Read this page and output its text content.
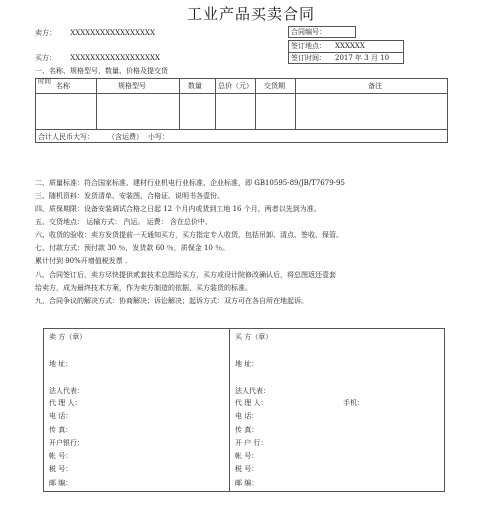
工业产品买卖合同
卖方： XXXXXXXXXXXXXXXXX
买方： XXXXXXXXXXXXXXXXXX
合同编号：
签订地点： XXXXXX
签订时间： 2017 年 3 月 10
一、名称、规格型号、数量、价格及提交货
时间
名称	规格型号	数量 总价（元） 交货期	备注
合计人民币大写： （含运费） 小写：
二、质量标准：符合国家标准、建材行业机电行业标准、企业标准，即 GB10595-89/JB/T7679-95
三、随机资料：发货清单、安装图、合格证、说明书各壹份。
四、质保期限：设备安装调试合格之日起 12 个月内或货到工地 16 个月，两者以先到为准。
五、交货地点： 运输方式： 汽运。 运费： 含在总价中。
六、收货的验收：卖方发货提前一天通知买方，买方指定专人收货，包括吊卸、清点、签收、保管。
七、付款方式：预付款 30 ％，发货款 60 ％，质保金 10 ％。
累计付到 90%开增值税发票 .
八、合同签订后，卖方尽快提供贰套技术总图给买方，买方或设计院修改确认后，将总图返还壹套
给卖方，成为最终技术方案，作为卖方制造的依据，买方装货的标准。
九、合同争议的解决方式：协商解决；诉讼解决；起诉方式：双方可在各自所在地起诉。
卖 方（章）
地 址：
法人代表：
代 理 人：
电 话：
传 真：
开户银行：
帐 号：
税 号：
邮 编：
买 方（章）
地 址：
法人代表：
代 理 人：	手机：
电 话：
传 真：
开 户 行：
帐 号：
税 号：
邮 编：
